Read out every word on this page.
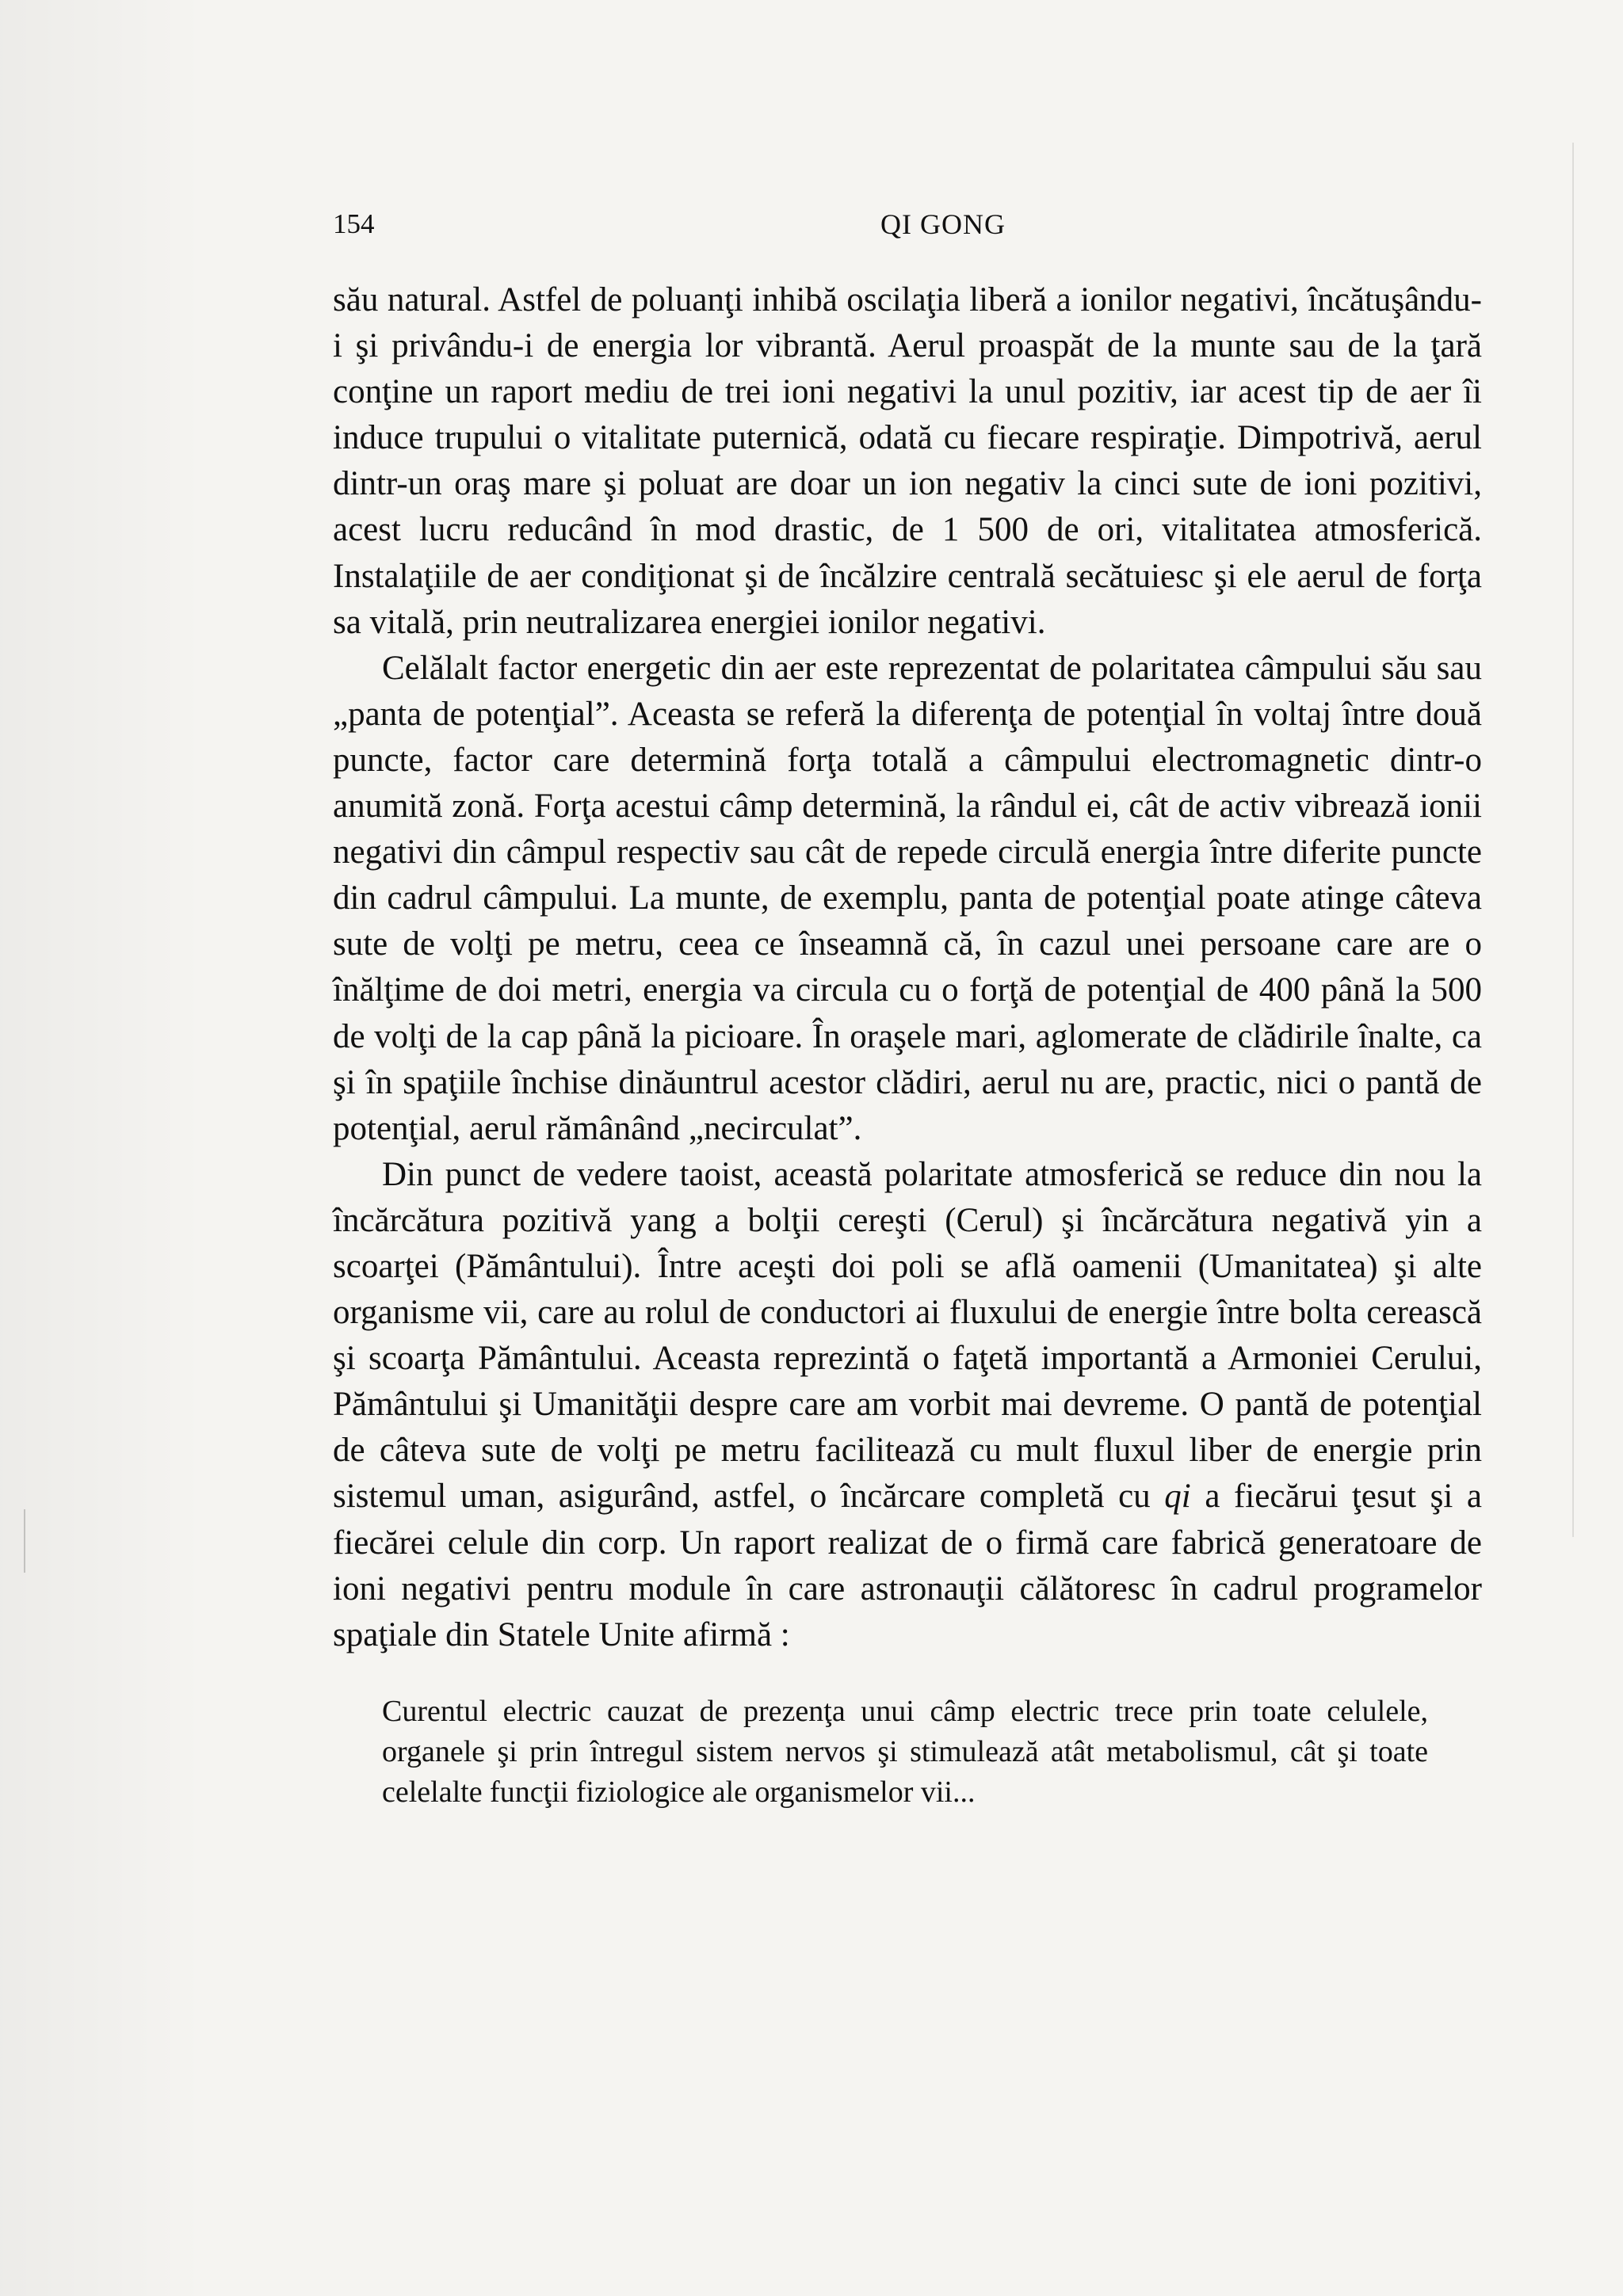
154	QI GONG

său natural. Astfel de poluanţi inhibă oscilaţia liberă a ionilor negativi, încătuşându-i şi privându-i de energia lor vibrantă. Aerul proaspăt de la munte sau de la ţară conţine un raport mediu de trei ioni negativi la unul pozitiv, iar acest tip de aer îi induce trupului o vitalitate puternică, odată cu fiecare respiraţie. Dimpotrivă, aerul dintr-un oraş mare şi poluat are doar un ion negativ la cinci sute de ioni pozitivi, acest lucru reducând în mod drastic, de 1 500 de ori, vitalitatea atmosferică. Instalaţiile de aer condiţionat şi de încălzire centrală secătuiesc şi ele aerul de forţa sa vitală, prin neutralizarea energiei ionilor negativi.

Celălalt factor energetic din aer este reprezentat de polaritatea câmpului său sau „panta de potenţial”. Aceasta se referă la diferenţa de potenţial în voltaj între două puncte, factor care determină forţa totală a câmpului electromagnetic dintr-o anumită zonă. Forţa acestui câmp determină, la rândul ei, cât de activ vibrează ionii negativi din câmpul respectiv sau cât de repede circulă energia între diferite puncte din cadrul câmpului. La munte, de exemplu, panta de potenţial poate atinge câteva sute de volţi pe metru, ceea ce înseamnă că, în cazul unei persoane care are o înălţime de doi metri, energia va circula cu o forţă de potenţial de 400 până la 500 de volţi de la cap până la picioare. În oraşele mari, aglomerate de clădirile înalte, ca şi în spaţiile închise dinăuntrul acestor clădiri, aerul nu are, practic, nici o pantă de potenţial, aerul rămânând „necirculat”.

Din punct de vedere taoist, această polaritate atmosferică se reduce din nou la încărcătura pozitivă yang a bolţii cereşti (Cerul) şi încărcătura negativă yin a scoarţei (Pământului). Între aceşti doi poli se află oamenii (Umanitatea) şi alte organisme vii, care au rolul de conductori ai fluxului de energie între bolta cerească şi scoarţa Pământului. Aceasta reprezintă o faţetă importantă a Armoniei Cerului, Pământului şi Umanităţii despre care am vorbit mai devreme. O pantă de potenţial de câteva sute de volţi pe metru facilitează cu mult fluxul liber de energie prin sistemul uman, asigurând, astfel, o încărcare completă cu qi a fiecărui ţesut şi a fiecărei celule din corp. Un raport realizat de o firmă care fabrică generatoare de ioni negativi pentru module în care astronauţii călătoresc în cadrul programelor spaţiale din Statele Unite afirmă :

Curentul electric cauzat de prezenţa unui câmp electric trece prin toate celulele, organele şi prin întregul sistem nervos şi stimulează atât metabolismul, cât şi toate celelalte funcţii fiziologice ale organismelor vii...
